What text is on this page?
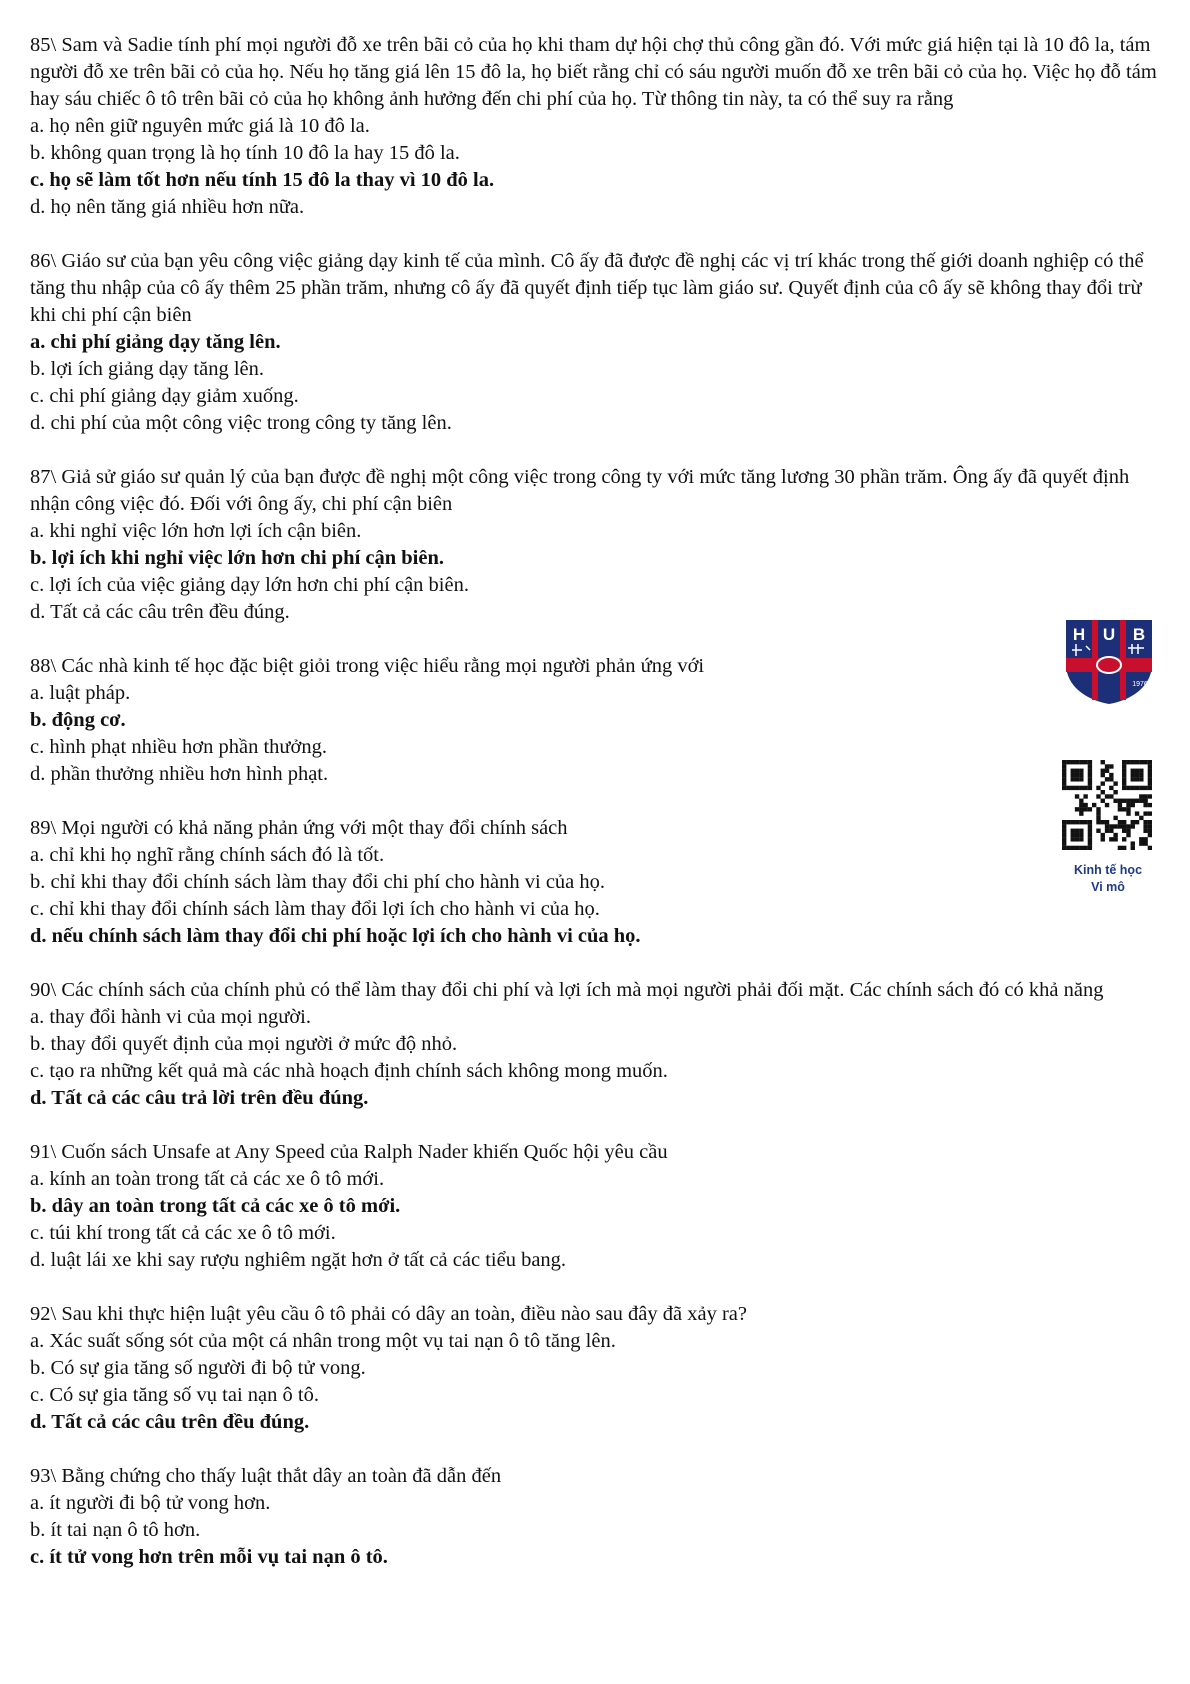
85\ Sam và Sadie tính phí mọi người đỗ xe trên bãi cỏ của họ khi tham dự hội chợ thủ công gần đó. Với mức giá hiện tại là 10 đô la, tám người đỗ xe trên bãi cỏ của họ. Nếu họ tăng giá lên 15 đô la, họ biết rằng chỉ có sáu người muốn đỗ xe trên bãi cỏ của họ. Việc họ đỗ tám hay sáu chiếc ô tô trên bãi cỏ của họ không ảnh hưởng đến chi phí của họ. Từ thông tin này, ta có thể suy ra rằng
a. họ nên giữ nguyên mức giá là 10 đô la.
b. không quan trọng là họ tính 10 đô la hay 15 đô la.
c. họ sẽ làm tốt hơn nếu tính 15 đô la thay vì 10 đô la.
d. họ nên tăng giá nhiều hơn nữa.
86\ Giáo sư của bạn yêu công việc giảng dạy kinh tế của mình. Cô ấy đã được đề nghị các vị trí khác trong thế giới doanh nghiệp có thể tăng thu nhập của cô ấy thêm 25 phần trăm, nhưng cô ấy đã quyết định tiếp tục làm giáo sư. Quyết định của cô ấy sẽ không thay đổi trừ khi chi phí cận biên
a. chi phí giảng dạy tăng lên.
b. lợi ích giảng dạy tăng lên.
c. chi phí giảng dạy giảm xuống.
d. chi phí của một công việc trong công ty tăng lên.
87\ Giả sử giáo sư quản lý của bạn được đề nghị một công việc trong công ty với mức tăng lương 30 phần trăm. Ông ấy đã quyết định nhận công việc đó. Đối với ông ấy, chi phí cận biên
a. khi nghỉ việc lớn hơn lợi ích cận biên.
b. lợi ích khi nghỉ việc lớn hơn chi phí cận biên.
c. lợi ích của việc giảng dạy lớn hơn chi phí cận biên.
d. Tất cả các câu trên đều đúng.
88\ Các nhà kinh tế học đặc biệt giỏi trong việc hiểu rằng mọi người phản ứng với
a. luật pháp.
b. động cơ.
c. hình phạt nhiều hơn phần thưởng.
d. phần thưởng nhiều hơn hình phạt.
89\ Mọi người có khả năng phản ứng với một thay đổi chính sách
a. chỉ khi họ nghĩ rằng chính sách đó là tốt.
b. chỉ khi thay đổi chính sách làm thay đổi chi phí cho hành vi của họ.
c. chỉ khi thay đổi chính sách làm thay đổi lợi ích cho hành vi của họ.
d. nếu chính sách làm thay đổi chi phí hoặc lợi ích cho hành vi của họ.
90\ Các chính sách của chính phủ có thể làm thay đổi chi phí và lợi ích mà mọi người phải đối mặt. Các chính sách đó có khả năng
a. thay đổi hành vi của mọi người.
b. thay đổi quyết định của mọi người ở mức độ nhỏ.
c. tạo ra những kết quả mà các nhà hoạch định chính sách không mong muốn.
d. Tất cả các câu trả lời trên đều đúng.
91\ Cuốn sách Unsafe at Any Speed của Ralph Nader khiến Quốc hội yêu cầu
a. kính an toàn trong tất cả các xe ô tô mới.
b. dây an toàn trong tất cả các xe ô tô mới.
c. túi khí trong tất cả các xe ô tô mới.
d. luật lái xe khi say rượu nghiêm ngặt hơn ở tất cả các tiểu bang.
92\ Sau khi thực hiện luật yêu cầu ô tô phải có dây an toàn, điều nào sau đây đã xảy ra?
a. Xác suất sống sót của một cá nhân trong một vụ tai nạn ô tô tăng lên.
b. Có sự gia tăng số người đi bộ tử vong.
c. Có sự gia tăng số vụ tai nạn ô tô.
d. Tất cả các câu trên đều đúng.
93\ Bằng chứng cho thấy luật thắt dây an toàn đã dẫn đến
a. ít người đi bộ tử vong hơn.
b. ít tai nạn ô tô hơn.
c. ít tử vong hơn trên mỗi vụ tai nạn ô tô.
H U B
1976
Kinh tế học
Vi mô
